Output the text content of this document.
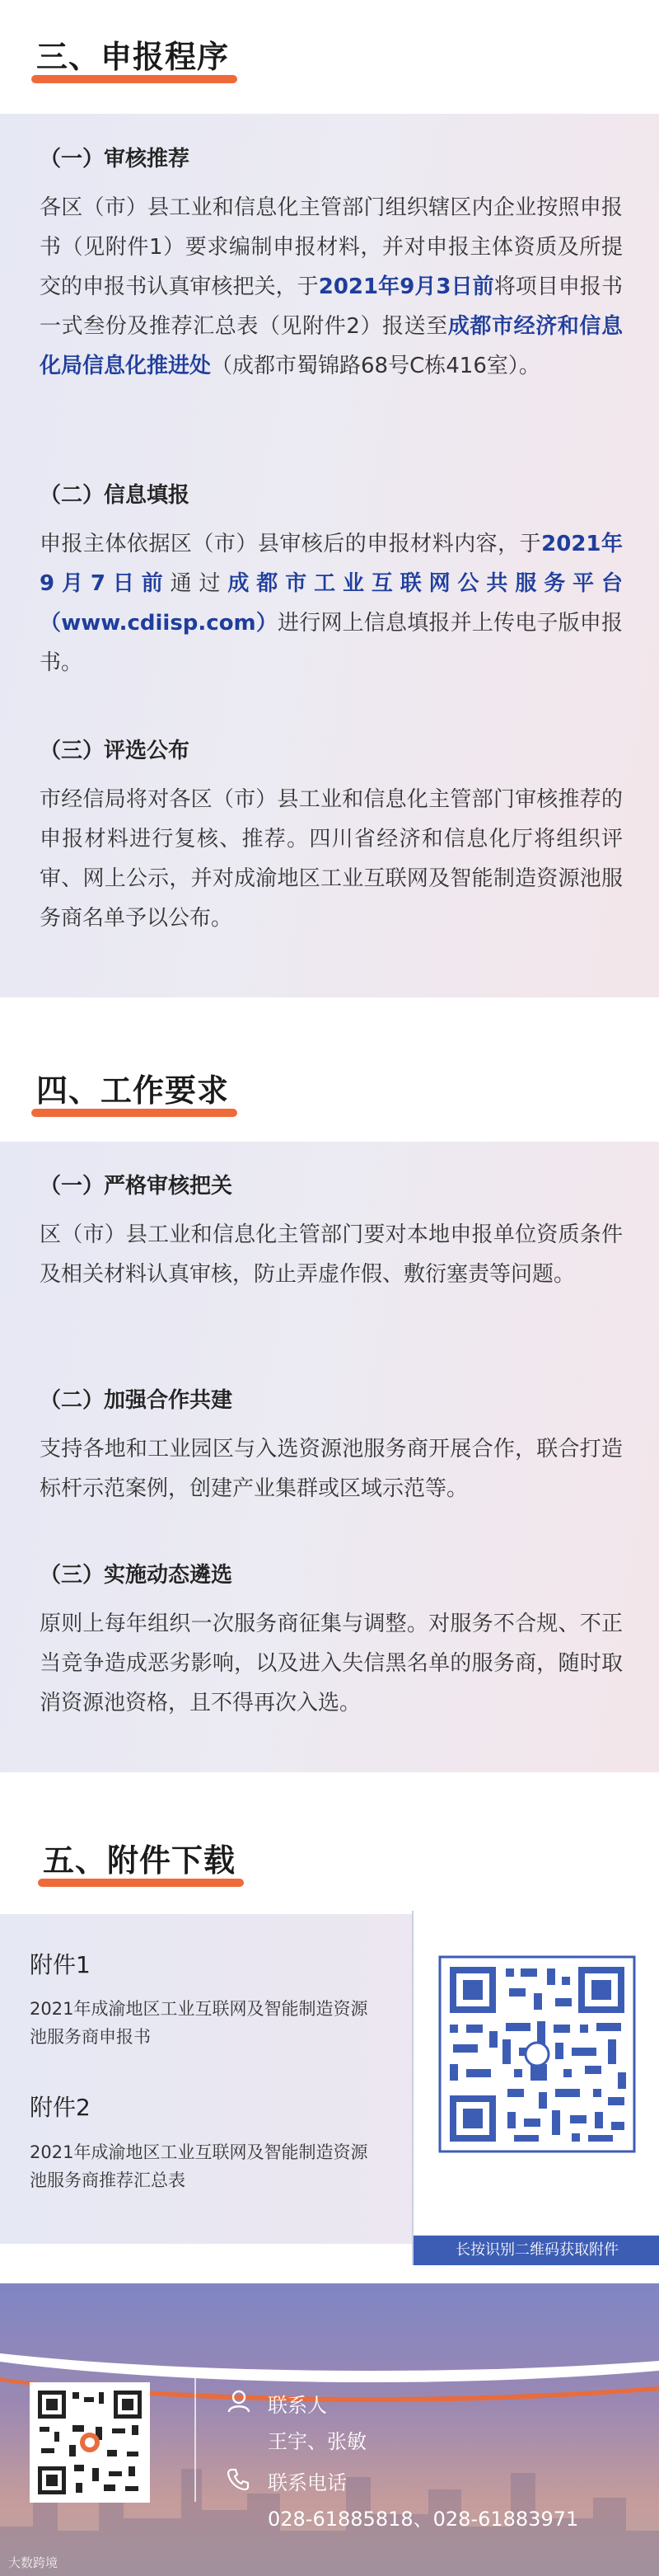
三、申报程序
（一）审核推荐
各区（市）县工业和信息化主管部门组织辖区内企业按照申报书（见附件1）要求编制申报材料，并对申报主体资质及所提交的申报书认真审核把关，于2021年9月3日前将项目申报书一式叁份及推荐汇总表（见附件2）报送至成都市经济和信息化局信息化推进处（成都市蜀锦路68号C栋416室）。
（二）信息填报
申报主体依据区（市）县审核后的申报材料内容，于2021年9月7日前通过成都市工业互联网公共服务平台（www.cdiisp.com）进行网上信息填报并上传电子版申报书。
（三）评选公布
市经信局将对各区（市）县工业和信息化主管部门审核推荐的申报材料进行复核、推荐。四川省经济和信息化厅将组织评审、网上公示，并对成渝地区工业互联网及智能制造资源池服务商名单予以公布。
四、工作要求
（一）严格审核把关
区（市）县工业和信息化主管部门要对本地申报单位资质条件及相关材料认真审核，防止弄虚作假、敷衍塞责等问题。
（二）加强合作共建
支持各地和工业园区与入选资源池服务商开展合作，联合打造标杆示范案例，创建产业集群或区域示范等。
（三）实施动态遴选
原则上每年组织一次服务商征集与调整。对服务不合规、不正当竞争造成恶劣影响，以及进入失信黑名单的服务商，随时取消资源池资格，且不得再次入选。
五、附件下载
附件1
2021年成渝地区工业互联网及智能制造资源池服务商申报书
附件2
2021年成渝地区工业互联网及智能制造资源池服务商推荐汇总表
长按识别二维码获取附件
联系人
王宇、张敏
联系电话
028-61885818、028-61883971
大数跨境
